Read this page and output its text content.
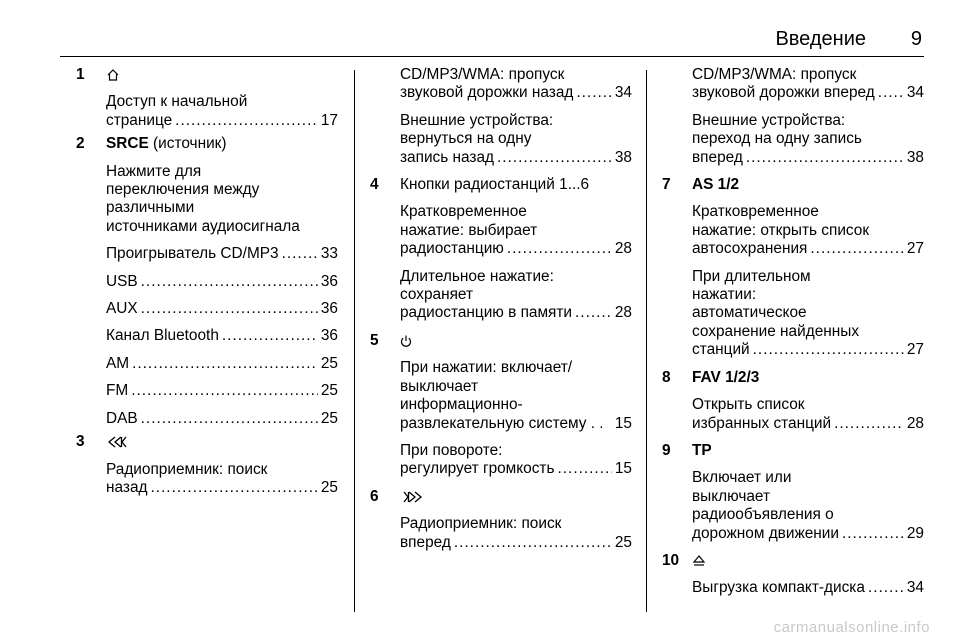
Введение 9
1
Доступ к начальной
странице .....	17
2 SRCE (источник)
Нажмите для
переключения между
различными
источниками аудиосигнала
Проигрыватель CD/MP3 .....	33
USB .....	36
AUX .....	36
Канал Bluetooth .....	36
AM .....	25
FM .....	25
DAB .....	25
3
Радиоприемник: поиск
назад .....	25
CD/MP3/WMA: пропуск
звуковой дорожки назад .....	34
Внешние устройства:
вернуться на одну
запись назад .....	38
4 Кнопки радиостанций 1...6
Кратковременное
нажатие: выбирает
радиостанцию .....	28
Длительное нажатие:
сохраняет
радиостанцию в памяти .....	28
5
При нажатии: включает/
выключает
информационно-
развлекательную систему . . 15
При повороте:
регулирует громкость .....	15
6
Радиоприемник: поиск
вперед .....	25
CD/MP3/WMA: пропуск
звуковой дорожки вперед ..... 34
Внешние устройства:
переход на одну запись
вперед .....	38
7 AS 1/2
Кратковременное
нажатие: открыть список
автосохранения .....	27
При длительном
нажатии:
автоматическое
сохранение найденных
станций .....	27
8 FAV 1/2/3
Открыть список
избранных станций .....	28
9 TP
Включает или
выключает
радиообъявления о
дорожном движении .....	29
10
Выгрузка компакт-диска .....	34
carmanualsonline.info
